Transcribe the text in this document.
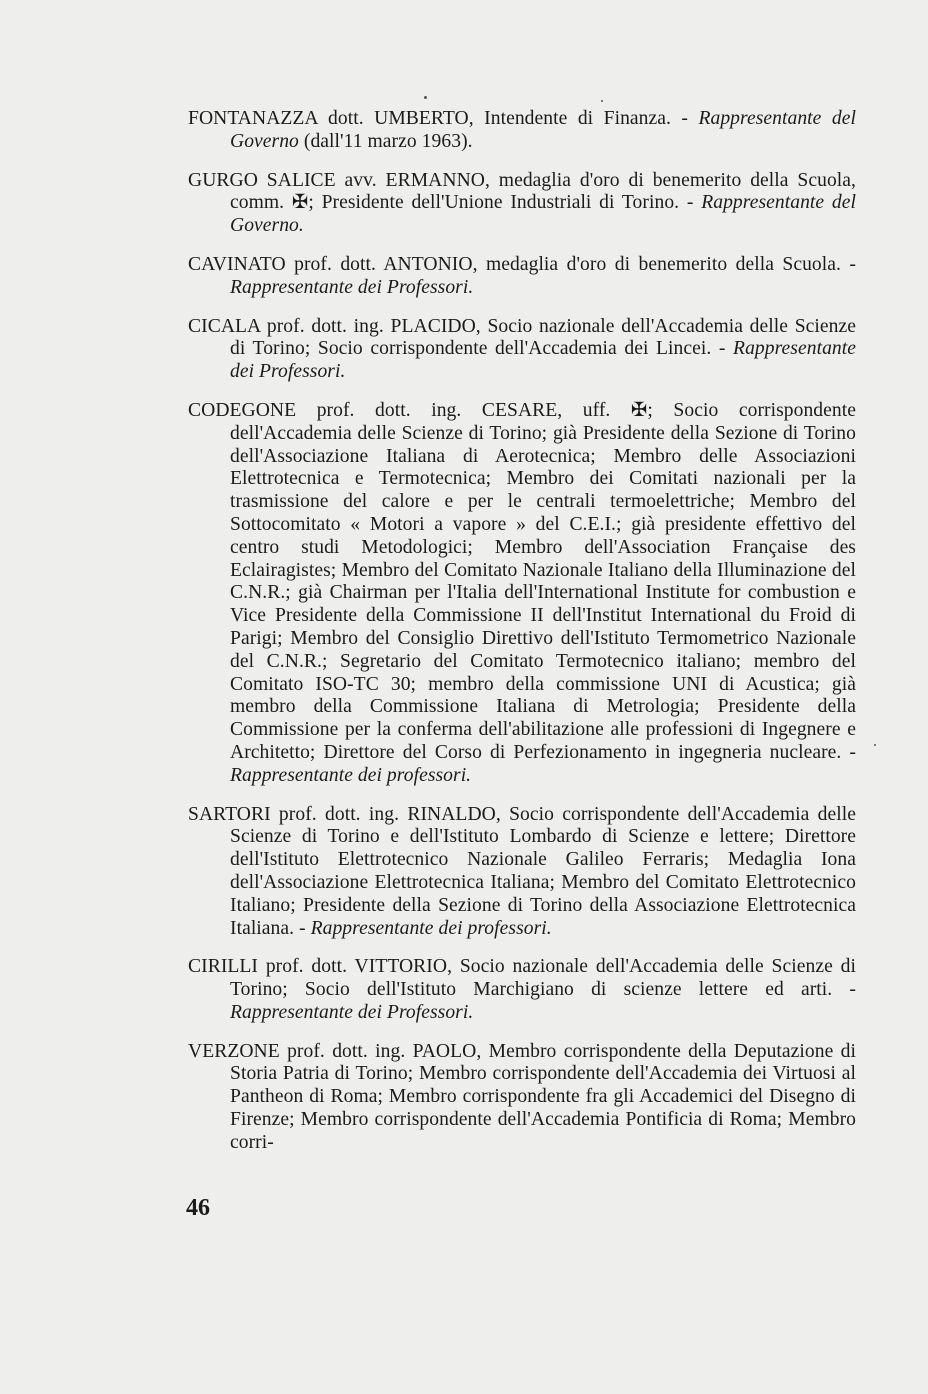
FONTANAZZA dott. UMBERTO, Intendente di Finanza. - Rappresentante del Governo (dall'11 marzo 1963).

GURGO SALICE avv. ERMANNO, medaglia d'oro di benemerito della Scuola, comm. ✠; Presidente dell'Unione Industriali di Torino. - Rappresentante del Governo.

CAVINATO prof. dott. ANTONIO, medaglia d'oro di benemerito della Scuola. - Rappresentante dei Professori.

CICALA prof. dott. ing. PLACIDO, Socio nazionale dell'Accademia delle Scienze di Torino; Socio corrispondente dell'Accademia dei Lincei. - Rappresentante dei Professori.

CODEGONE prof. dott. ing. CESARE, uff. ✠; Socio corrispondente dell'Accademia delle Scienze di Torino; già Presidente della Sezione di Torino dell'Associazione Italiana di Aerotecnica; Membro delle Associazioni Elettrotecnica e Termotecnica; Membro dei Comitati nazionali per la trasmissione del calore e per le centrali termoelettriche; Membro del Sottocomitato « Motori a vapore » del C.E.I.; già presidente effettivo del centro studi Metodologici; Membro dell'Association Française des Eclairagistes; Membro del Comitato Nazionale Italiano della Illuminazione del C.N.R.; già Chairman per l'Italia dell'International Institute for combustion e Vice Presidente della Commissione II dell'Institut International du Froid di Parigi; Membro del Consiglio Direttivo dell'Istituto Termometrico Nazionale del C.N.R.; Segretario del Comitato Termotecnico italiano; membro del Comitato ISO-TC 30; membro della commissione UNI di Acustica; già membro della Commissione Italiana di Metrologia; Presidente della Commissione per la conferma dell'abilitazione alle professioni di Ingegnere e Architetto; Direttore del Corso di Perfezionamento in ingegneria nucleare. - Rappresentante dei professori.

SARTORI prof. dott. ing. RINALDO, Socio corrispondente dell'Accademia delle Scienze di Torino e dell'Istituto Lombardo di Scienze e lettere; Direttore dell'Istituto Elettrotecnico Nazionale Galileo Ferraris; Medaglia Iona dell'Associazione Elettrotecnica Italiana; Membro del Comitato Elettrotecnico Italiano; Presidente della Sezione di Torino della Associazione Elettrotecnica Italiana. - Rappresentante dei professori.

CIRILLI prof. dott. VITTORIO, Socio nazionale dell'Accademia delle Scienze di Torino; Socio dell'Istituto Marchigiano di scienze lettere ed arti. - Rappresentante dei Professori.

VERZONE prof. dott. ing. PAOLO, Membro corrispondente della Deputazione di Storia Patria di Torino; Membro corrispondente dell'Accademia dei Virtuosi al Pantheon di Roma; Membro corrispondente fra gli Accademici del Disegno di Firenze; Membro corrispondente dell'Accademia Pontificia di Roma; Membro corri-

46
